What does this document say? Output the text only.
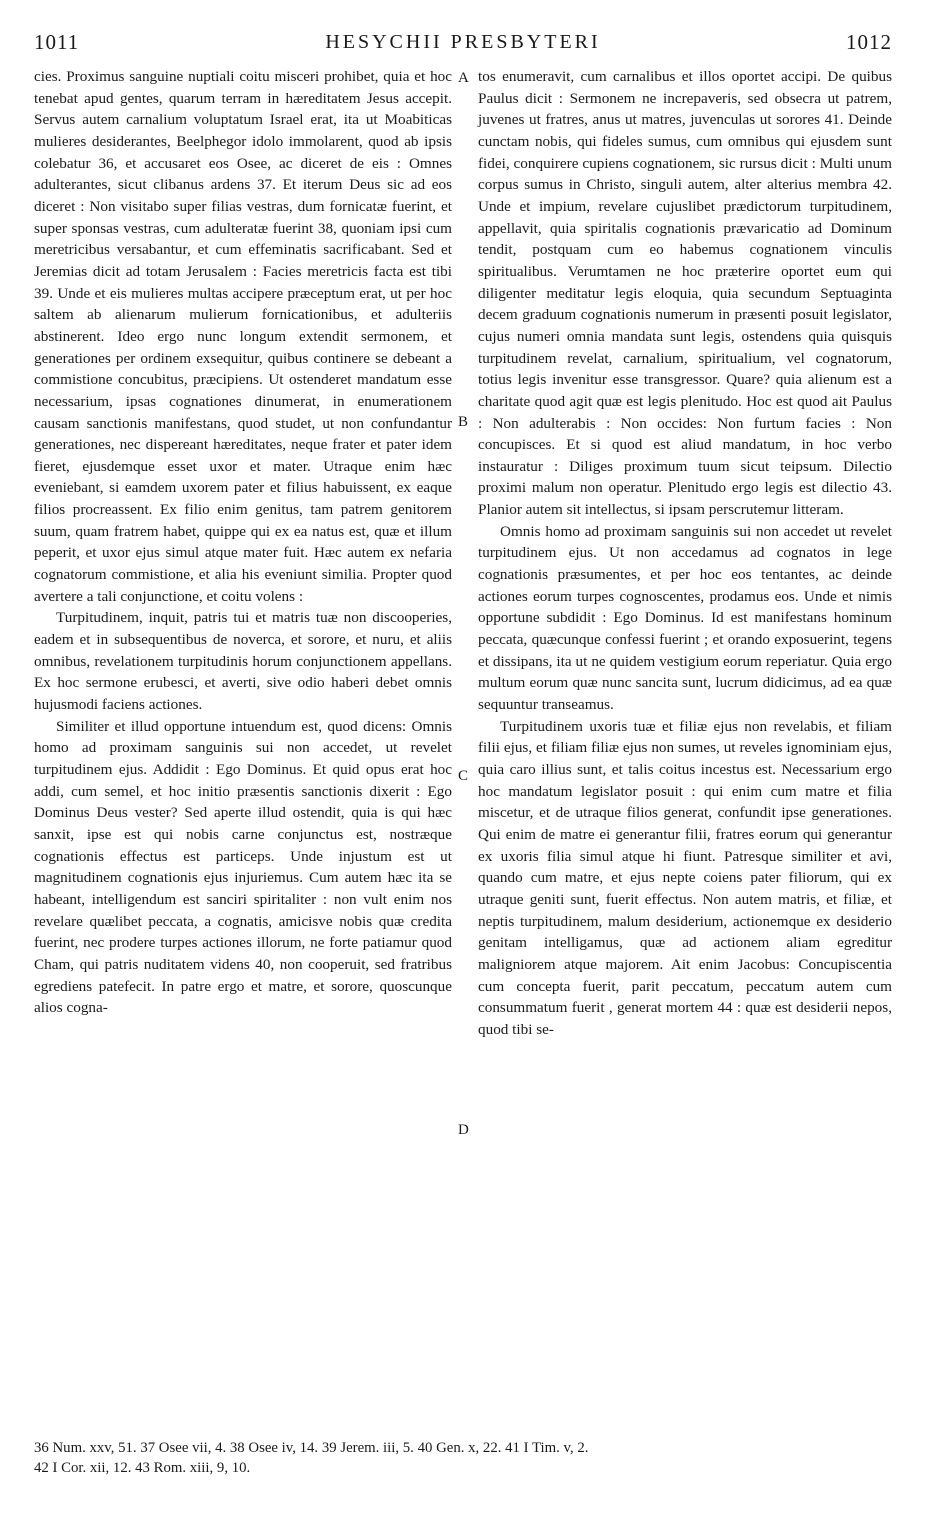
1011	HESYCHII PRESBYTERI	1012

cies. Proximus sanguine nuptiali coitu misceri prohibet, quia et hoc tenebat apud gentes, quarum terram in hæreditatem Jesus accepit. Servus autem carnalium voluptatum Israel erat, ita ut Moabiticas mulieres desiderantes, Beelphegor idolo immolarent, quod ab ipsis colebatur 36, et accusaret eos Osee, ac diceret de eis : Omnes adulterantes, sicut clibanus ardens 37. Et iterum Deus sic ad eos diceret : Non visitabo super filias vestras, dum fornicatæ fuerint, et super sponsas vestras, cum adulteratæ fuerint 38, quoniam ipsi cum meretricibus versabantur, et cum effeminatis sacrificabant. Sed et Jeremias dicit ad totam Jerusalem : Facies meretricis facta est tibi 39. Unde et eis mulieres multas accipere præceptum erat, ut per hoc saltem ab alienarum mulierum fornicationibus, et adulteriis abstinerent. Ideo ergo nunc longum extendit sermonem, et generationes per ordinem exsequitur, quibus continere se debeant a commistione concubitus, præcipiens. Ut ostenderet mandatum esse necessarium, ipsas cognationes dinumerat, in enumerationem causam sanctionis manifestans, quod studet, ut non confundantur generationes, nec dispereant hæreditates, neque frater et pater idem fieret, ejusdemque esset uxor et mater. Utraque enim hæc eveniebant, si eamdem uxorem pater et filius habuissent, ex eaque filios procreassent. Ex filio enim genitus, tam patrem genitorem suum, quam fratrem habet, quippe qui ex ea natus est, quæ et illum peperit, et uxor ejus simul atque mater fuit. Hæc autem ex nefaria cognatorum commistione, et alia his eveniunt similia. Propter quod avertere a tali conjunctione, et coitu volens :

Turpitudinem, inquit, patris tui et matris tuæ non discooperies, eadem et in subsequentibus de noverca, et sorore, et nuru, et aliis omnibus, revelationem turpitudinis horum conjunctionem appellans. Ex hoc sermone erubesci, et averti, sive odio haberi debet omnis hujusmodi faciens actiones.

Similiter et illud opportune intuendum est, quod dicens: Omnis homo ad proximam sanguinis sui non accedet, ut revelet turpitudinem ejus. Addidit : Ego Dominus. Et quid opus erat hoc addi, cum semel, et hoc initio præsentis sanctionis dixerit : Ego Dominus Deus vester? Sed aperte illud ostendit, quia is qui hæc sanxit, ipse est qui nobis carne conjunctus est, nostræque cognationis effectus est particeps. Unde injustum est ut magnitudinem cognationis ejus injuriemus. Cum autem hæc ita se habeant, intelligendum est sanciri spiritaliter : non vult enim nos revelare quælibet peccata, a cognatis, amicisve nobis quæ credita fuerint, nec prodere turpes actiones illorum, ne forte patiamur quod Cham, qui patris nuditatem videns 40, non cooperuit, sed fratribus egrediens patefecit. In patre ergo et matre, et sorore, quoscunque alios cogna-

A
B
C
D

tos enumeravit, cum carnalibus et illos oportet accipi. De quibus Paulus dicit : Sermonem ne increpaveris, sed obsecra ut patrem, juvenes ut fratres, anus ut matres, juvenculas ut sorores 41. Deinde cunctam nobis, qui fideles sumus, cum omnibus qui ejusdem sunt fidei, conquirere cupiens cognationem, sic rursus dicit : Multi unum corpus sumus in Christo, singuli autem, alter alterius membra 42. Unde et impium, revelare cujuslibet prædictorum turpitudinem, appellavit, quia spiritalis cognationis prævaricatio ad Dominum tendit, postquam cum eo habemus cognationem vinculis spiritualibus. Verumtamen ne hoc præterire oportet eum qui diligenter meditatur legis eloquia, quia secundum Septuaginta decem graduum cognationis numerum in præsenti posuit legislator, cujus numeri omnia mandata sunt legis, ostendens quia quisquis turpitudinem revelat, carnalium, spiritualium, vel cognatorum, totius legis invenitur esse transgressor. Quare? quia alienum est a charitate quod agit quæ est legis plenitudo. Hoc est quod ait Paulus : Non adulterabis : Non occides: Non furtum facies : Non concupisces. Et si quod est aliud mandatum, in hoc verbo instauratur : Diliges proximum tuum sicut teipsum. Dilectio proximi malum non operatur. Plenitudo ergo legis est dilectio 43. Planior autem sit intellectus, si ipsam perscrutemur litteram.

Omnis homo ad proximam sanguinis sui non accedet ut revelet turpitudinem ejus. Ut non accedamus ad cognatos in lege cognationis præsumentes, et per hoc eos tentantes, ac deinde actiones eorum turpes cognoscentes, prodamus eos. Unde et nimis opportune subdidit : Ego Dominus. Id est manifestans hominum peccata, quæcunque confessi fuerint ; et orando exposuerint, tegens et dissipans, ita ut ne quidem vestigium eorum reperiatur. Quia ergo multum eorum quæ nunc sancita sunt, lucrum didicimus, ad ea quæ sequuntur transeamus.

Turpitudinem uxoris tuæ et filiæ ejus non revelabis, et filiam filii ejus, et filiam filiæ ejus non sumes, ut reveles ignominiam ejus, quia caro illius sunt, et talis coitus incestus est. Necessarium ergo hoc mandatum legislator posuit : qui enim cum matre et filia miscetur, et de utraque filios generat, confundit ipse generationes. Qui enim de matre ei generantur filii, fratres eorum qui generantur ex uxoris filia simul atque hi fiunt. Patresque similiter et avi, quando cum matre, et ejus nepte coiens pater filiorum, qui ex utraque geniti sunt, fuerit effectus. Non autem matris, et filiæ, et neptis turpitudinem, malum desiderium, actionemque ex desiderio genitam intelligamus, quæ ad actionem aliam egreditur maligniorem atque majorem. Ait enim Jacobus: Concupiscentia cum concepta fuerit, parit peccatum, peccatum autem cum consummatum fuerit , generat mortem 44 : quæ est desiderii nepos, quod tibi se-

36 Num. xxv, 51. 37 Osee vii, 4. 38 Osee iv, 14. 39 Jerem. iii, 5. 40 Gen. x, 22. 41 I Tim. v, 2.
42 I Cor. xii, 12. 43 Rom. xiii, 9, 10.
